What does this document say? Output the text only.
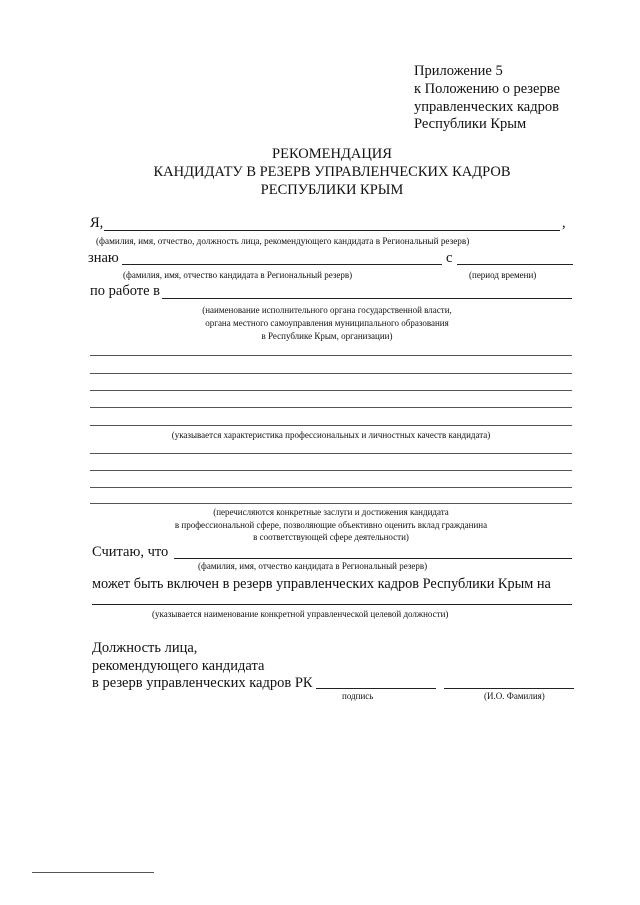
Приложение 5
к Положению о резерве
управленческих кадров
Республики Крым
РЕКОМЕНДАЦИЯ
КАНДИДАТУ В РЕЗЕРВ УПРАВЛЕНЧЕСКИХ КАДРОВ
РЕСПУБЛИКИ КРЫМ
Я,	,
(фамилия, имя, отчество, должность лица, рекомендующего кандидата в Региональный резерв)
знаю	с
(фамилия, имя, отчество кандидата в Региональный резерв)	(период времени)
по работе в
(наименование исполнительного органа государственной власти,
органа местного самоуправления муниципального образования
в Республике Крым, организации)
(указывается характеристика профессиональных и личностных качеств кандидата)
(перечисляются конкретные заслуги и достижения кандидата
в профессиональной сфере, позволяющие объективно оценить вклад гражданина
в соответствующей сфере деятельности)
Считаю, что
(фамилия, имя, отчество кандидата в Региональный резерв)
может быть включен в резерв управленческих кадров Республики Крым на
(указывается наименование конкретной управленческой целевой должности)
Должность лица,
рекомендующего кандидата
в резерв управленческих кадров РК
подпись	(И.О. Фамилия)
